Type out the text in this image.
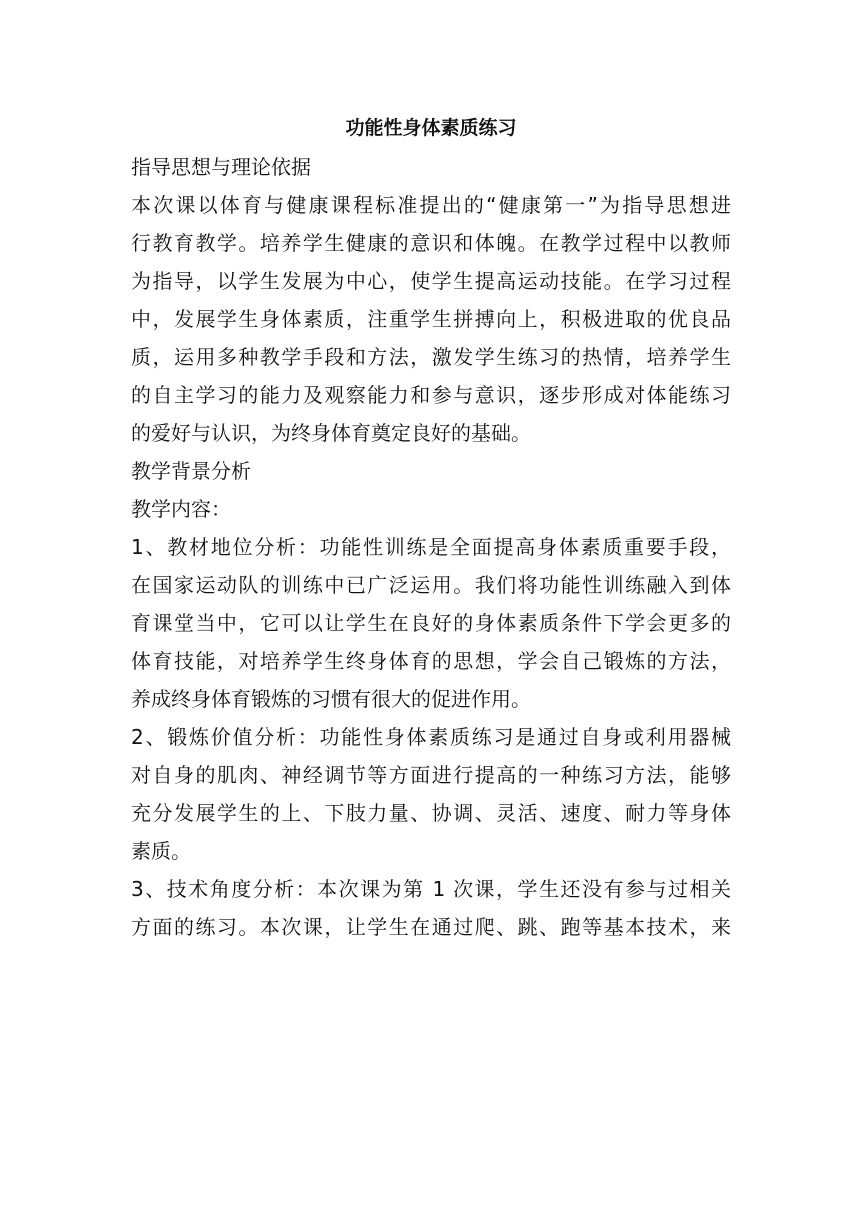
功能性身体素质练习
指导思想与理论依据
本次课以体育与健康课程标准提出的“健康第一”为指导思想进
行教育教学。培养学生健康的意识和体魄。在教学过程中以教师
为指导，以学生发展为中心，使学生提高运动技能。在学习过程
中，发展学生身体素质，注重学生拼搏向上，积极进取的优良品
质，运用多种教学手段和方法，激发学生练习的热情，培养学生
的自主学习的能力及观察能力和参与意识，逐步形成对体能练习
的爱好与认识，为终身体育奠定良好的基础。
教学背景分析
教学内容：
1、教材地位分析：功能性训练是全面提高身体素质重要手段，
在国家运动队的训练中已广泛运用。我们将功能性训练融入到体
育课堂当中，它可以让学生在良好的身体素质条件下学会更多的
体育技能，对培养学生终身体育的思想，学会自己锻炼的方法，
养成终身体育锻炼的习惯有很大的促进作用。
2、锻炼价值分析：功能性身体素质练习是通过自身或利用器械
对自身的肌肉、神经调节等方面进行提高的一种练习方法，能够
充分发展学生的上、下肢力量、协调、灵活、速度、耐力等身体
素质。
3、技术角度分析：本次课为第 1 次课，学生还没有参与过相关
方面的练习。本次课，让学生在通过爬、跳、跑等基本技术，来
